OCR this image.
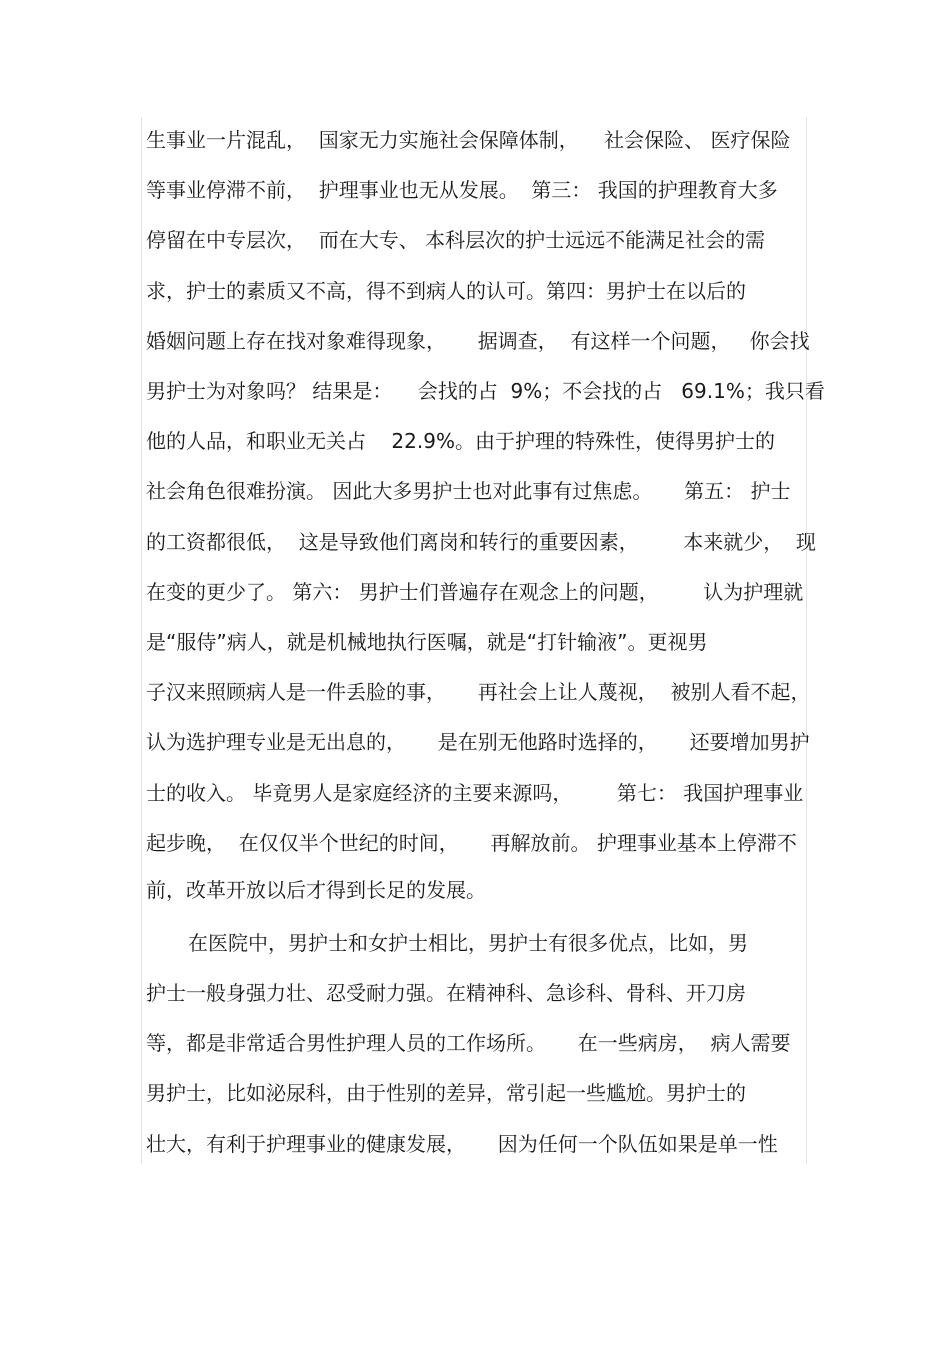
生事业一片混乱，  国家无力实施社会保障体制，    社会保险、 医疗保险
等事业停滞不前，  护理事业也无从发展。  第三： 我国的护理教育大多
停留在中专层次，  而在大专、 本科层次的护士远远不能满足社会的需
求，护士的素质又不高，得不到病人的认可。第四：男护士在以后的
婚姻问题上存在找对象难得现象，     据调查，  有这样一个问题，   你会找
男护士为对象吗？ 结果是：    会找的占  9%；不会找的占   69.1%；我只看
他的人品，和职业无关占    22.9%。由于护理的特殊性，使得男护士的
社会角色很难扮演。 因此大多男护士也对此事有过焦虑。     第五： 护士
的工资都很低，  这是导致他们离岗和转行的重要因素，       本来就少，  现
在变的更少了。 第六： 男护士们普遍存在观念上的问题，       认为护理就
是“服侍”病人，就是机械地执行医嘱，就是“打针输液”。更视男
子汉来照顾病人是一件丢脸的事，     再社会上让人蔑视，  被别人看不起，
认为选护理专业是无出息的，     是在别无他路时选择的，     还要增加男护
士的收入。 毕竟男人是家庭经济的主要来源吗，       第七： 我国护理事业
起步晚，  在仅仅半个世纪的时间，     再解放前。 护理事业基本上停滞不
前，改革开放以后才得到长足的发展。
在医院中，男护士和女护士相比，男护士有很多优点，比如，男
护士一般身强力壮、忍受耐力强。在精神科、急诊科、骨科、开刀房
等，都是非常适合男性护理人员的工作场所。     在一些病房，  病人需要
男护士，比如泌尿科，由于性别的差异，常引起一些尴尬。男护士的
壮大，有利于护理事业的健康发展，     因为任何一个队伍如果是单一性
